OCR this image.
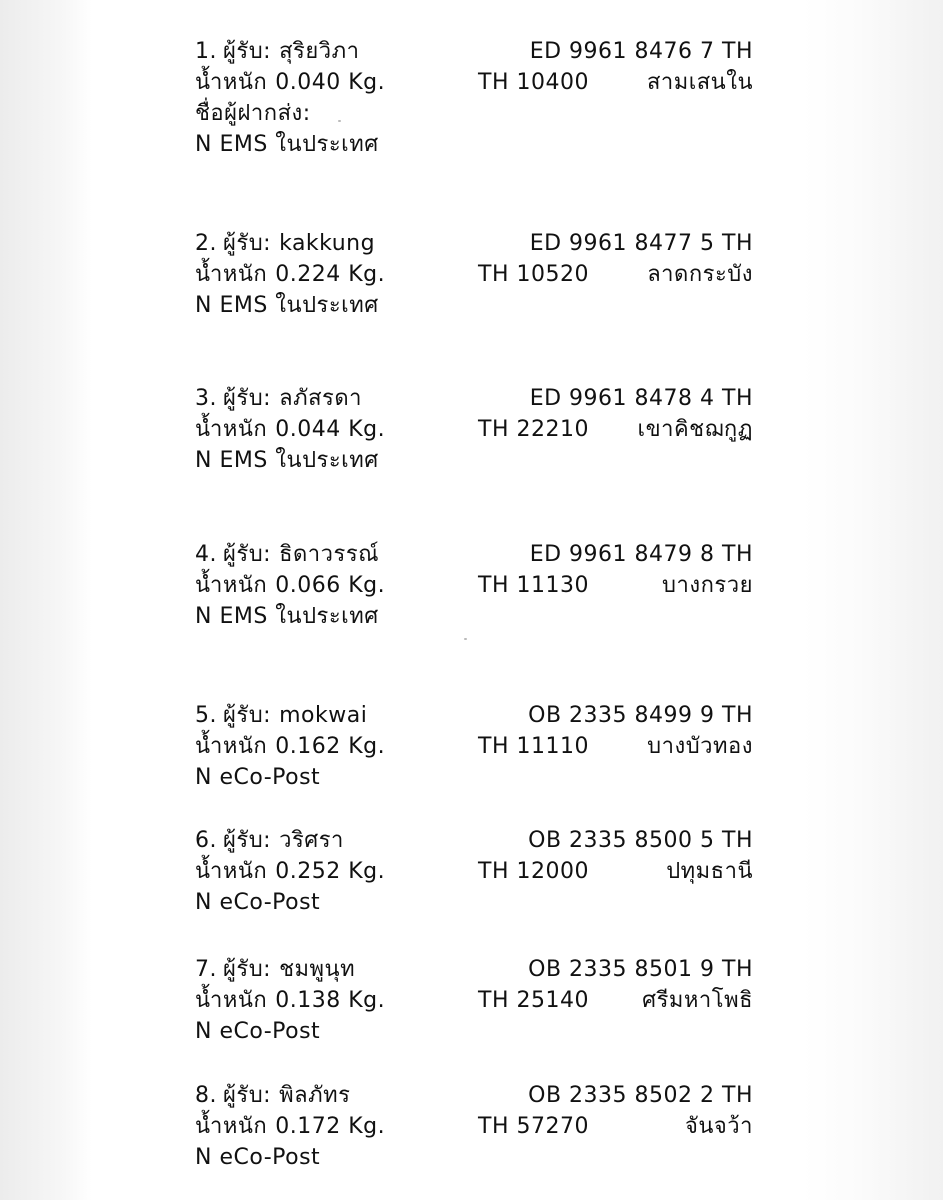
1. ผู้รับ: สุริยวิภา	ED 9961 8476 7 TH
น้ำหนัก 0.040 Kg.	TH 10400	สามเสนใน
ชื่อผู้ฝากส่ง:
N EMS ในประเทศ
2. ผู้รับ: kakkung	ED 9961 8477 5 TH
น้ำหนัก 0.224 Kg.	TH 10520	ลาดกระบัง
N EMS ในประเทศ
3. ผู้รับ: ลภัสรดา	ED 9961 8478 4 TH
น้ำหนัก 0.044 Kg.	TH 22210 เขาคิชฌกูฏ
N EMS ในประเทศ
4. ผู้รับ: ธิดาวรรณ์	ED 9961 8479 8 TH
น้ำหนัก 0.066 Kg.	TH 11130	บางกรวย
N EMS ในประเทศ
5. ผู้รับ: mokwai	OB 2335 8499 9 TH
น้ำหนัก 0.162 Kg.	TH 11110	บางบัวทอง
N eCo-Post
6. ผู้รับ: วริศรา	OB 2335 8500 5 TH
น้ำหนัก 0.252 Kg.	TH 12000	ปทุมธานี
N eCo-Post
7. ผู้รับ: ชมพูนุท	OB 2335 8501 9 TH
น้ำหนัก 0.138 Kg.	TH 25140 ศรีมหาโพธิ
N eCo-Post
8. ผู้รับ: พิลภัทร	OB 2335 8502 2 TH
น้ำหนัก 0.172 Kg.	TH 57270	จันจว้า
N eCo-Post
